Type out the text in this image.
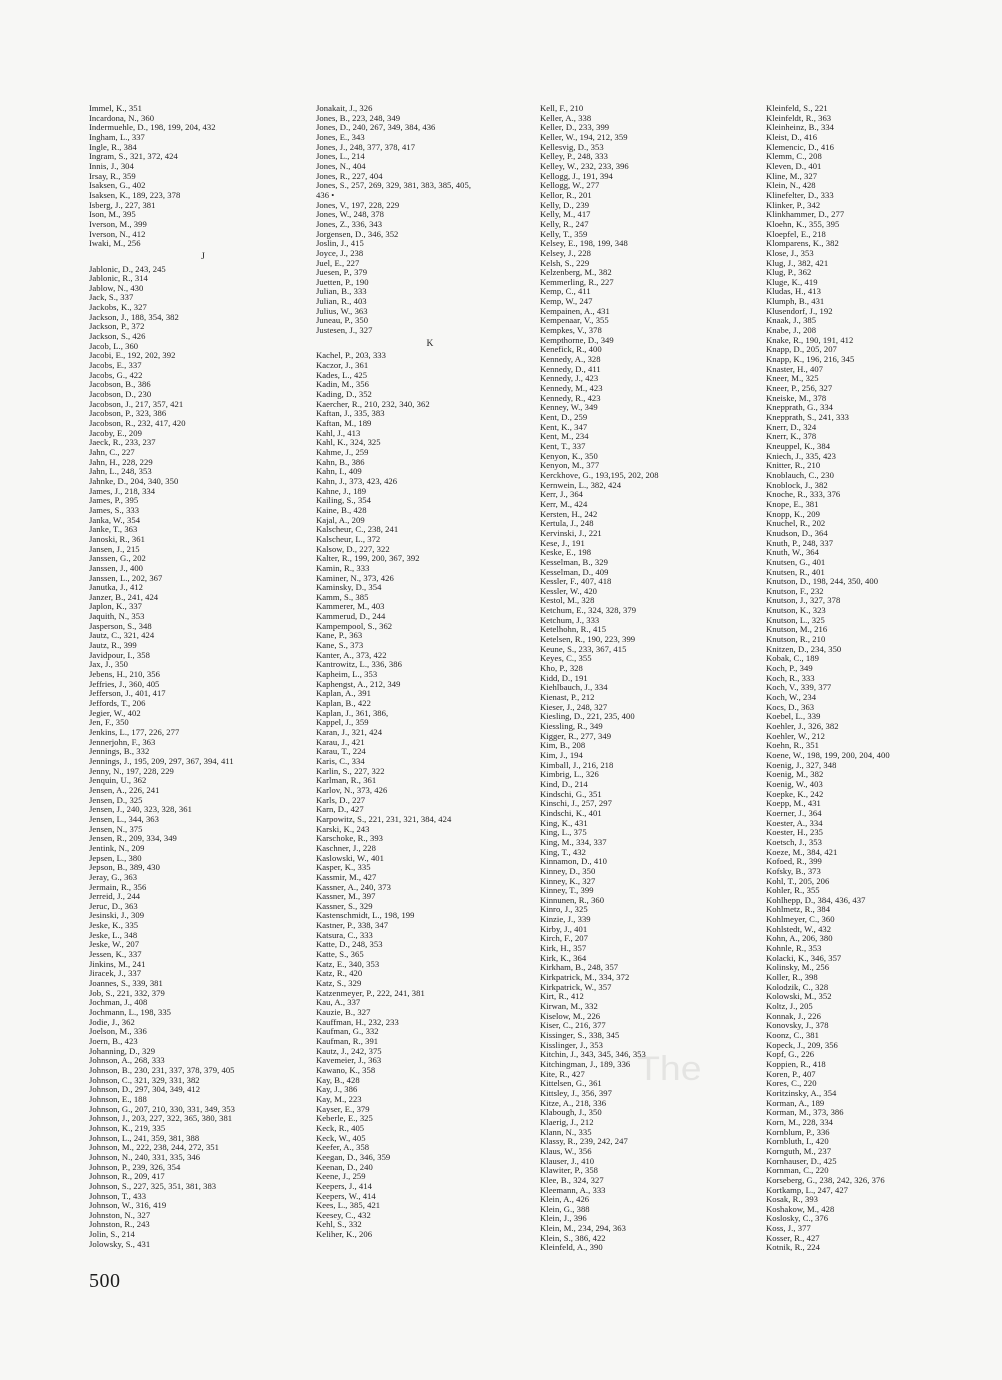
The
Immel, K., 351
Incardona, N., 360
Indermuehle, D., 198, 199, 204, 432
Ingham, L., 337
Ingle, R., 384
Ingram, S., 321, 372, 424
Innis, J., 304
Irsay, R., 359
Isaksen, G., 402
Isaksen, K., 189, 223, 378
Isberg, J., 227, 381
Ison, M., 395
Iverson, M., 399
Iverson, N., 412
Iwaki, M., 256
J
Jablonic, D., 243, 245
Jablonic, R., 314
Jablow, N., 430
Jack, S., 337
Jackobs, K., 327
Jackson, J., 188, 354, 382
Jackson, P., 372
Jackson, S., 426
Jacob, L., 360
Jacobi, E., 192, 202, 392
Jacobs, E., 337
Jacobs, G., 422
Jacobson, B., 386
Jacobson, D., 230
Jacobson, J., 217, 357, 421
Jacobson, P., 323, 386
Jacobson, R., 232, 417, 420
Jacoby, E., 209
Jaeck, R., 233, 237
Jahn, C., 227
Jahn, H., 228, 229
Jahn, L., 248, 353
Jahnke, D., 204, 340, 350
James, J., 218, 334
James, P., 395
James, S., 333
Janka, W., 354
Janke, T., 363
Janoski, R., 361
Jansen, J., 215
Janssen, G., 202
Janssen, J., 400
Janssen, L., 202, 367
Janutka, J., 412
Janzer, B., 241, 424
Japlon, K., 337
Jaquith, N., 353
Jasperson, S., 348
Jautz, C., 321, 424
Jautz, R., 399
Javidpour, I., 358
Jax, J., 350
Jebens, H., 210, 356
Jeffries, J., 360, 405
Jefferson, J., 401, 417
Jeffords, T., 206
Jegier, W., 402
Jen, F., 350
Jenkins, L., 177, 226, 277
Jennerjohn, F., 363
Jennings, B., 332
Jennings, J., 195, 209, 297, 367, 394, 411
Jenny, N., 197, 228, 229
Jenquin, U., 362
Jensen, A., 226, 241
Jensen, D., 325
Jensen, J., 240, 323, 328, 361
Jensen, L., 344, 363
Jensen, N., 375
Jensen, R., 209, 334, 349
Jentink, N., 209
Jepsen, L., 380
Jepson, B., 389, 430
Jeray, G., 363
Jermain, R., 356
Jerreid, J., 244
Jeruc, D., 363
Jesinski, J., 309
Jeske, K., 335
Jeske, L., 348
Jeske, W., 207
Jessen, K., 337
Jinkins, M., 241
Jiracek, J., 337
Joannes, S., 339, 381
Job, S., 221, 332, 379
Jochman, J., 408
Jochmann, L., 198, 335
Jodie, J., 362
Joelson, M., 336
Joern, B., 423
Johanning, D., 329
Johnson, A., 268, 333
Johnson, B., 230, 231, 337, 378, 379, 405
Johnson, C., 321, 329, 331, 382
Johnson, D., 297, 304, 349, 412
Johnson, E., 188
Johnson, G., 207, 210, 330, 331, 349, 353
Johnson, J., 203, 227, 322, 365, 380, 381
Johnson, K., 219, 335
Johnson, L., 241, 359, 381, 388
Johnson, M., 222, 238, 244, 272, 351
Johnson, N., 240, 331, 335, 346
Johnson, P., 239, 326, 354
Johnson, R., 209, 417
Johnson, S., 227, 325, 351, 381, 383
Johnson, T., 433
Johnson, W., 316, 419
Johnston, N., 327
Johnston, R., 243
Jolin, S., 214
Jolowsky, S., 431
Jonakait, J., 326
Jones, B., 223, 248, 349
Jones, D., 240, 267, 349, 384, 436
Jones, E., 343
Jones, J., 248, 377, 378, 417
Jones, L., 214
Jones, N., 404
Jones, R., 227, 404
Jones, S., 257, 269, 329, 381, 383, 385, 405,
436 •
Jones, V., 197, 228, 229
Jones, W., 248, 378
Jones, Z., 336, 343
Jorgensen, D., 346, 352
Joslin, J., 415
Joyce, J., 238
Juel, E., 227
Juesen, P., 379
Juetten, P., 190
Julian, B., 333
Julian, R., 403
Julius, W., 363
Juneau, P., 350
Justesen, J., 327
K
Kachel, P., 203, 333
Kaczor, J., 361
Kades, L., 425
Kadin, M., 356
Kading, D., 352
Kaercher, R., 210, 232, 340, 362
Kaftan, J., 335, 383
Kaftan, M., 189
Kahl, J., 413
Kahl, K., 324, 325
Kahme, J., 259
Kahn, B., 386
Kahn, I., 409
Kahn, J., 373, 423, 426
Kahne, J., 189
Kailing, S., 354
Kaine, B., 428
Kajal, A., 209
Kalscheur, C., 238, 241
Kalscheur, L., 372
Kalsow, D., 227, 322
Kalter, R., 199, 200, 367, 392
Kamin, R., 333
Kaminer, N., 373, 426
Kaminsky, D., 354
Kamm, S., 385
Kammerer, M., 403
Kammerud, D., 244
Kampempool, S., 362
Kane, P., 363
Kane, S., 373
Kanter, A., 373, 422
Kantrowitz, L., 336, 386
Kapheim, L., 353
Kaphengst, A., 212, 349
Kaplan, A., 391
Kaplan, B., 422
Kaplan, J., 361, 386,
Kappel, J., 359
Karan, J., 321, 424
Karau, J., 421
Karau, T., 224
Karis, C., 334
Karlin, S., 227, 322
Karlman, R., 361
Karlov, N., 373, 426
Karls, D., 227
Karn, D., 427
Karpowitz, S., 221, 231, 321, 384, 424
Karski, K., 243
Karschoke, R., 393
Kaschner, J., 228
Kaslowski, W., 401
Kasper, K., 335
Kassmir, M., 427
Kassner, A., 240, 373
Kassner, M., 397
Kassner, S., 329
Kastenschmidt, L., 198, 199
Kastner, P., 338, 347
Katsura, C., 333
Katte, D., 248, 353
Katte, S., 365
Katz, E., 340, 353
Katz, R., 420
Katz, S., 329
Katzenmeyer, P., 222, 241, 381
Kau, A., 337
Kauzie, B., 327
Kauffman, H., 232, 233
Kaufman, G., 332
Kaufman, R., 391
Kautz, J., 242, 375
Kavemeier, J., 363
Kawano, K., 358
Kay, B., 428
Kay, J., 386
Kay, M., 223
Kayser, E., 379
Keberle, E., 325
Keck, R., 405
Keck, W., 405
Keefer, A., 358
Keegan, D., 346, 359
Keenan, D., 240
Keene, J., 259
Keepers, J., 414
Keepers, W., 414
Kees, L., 385, 421
Keesey, C., 432
Kehl, S., 332
Keliher, K., 206
Kell, F., 210
Keller, A., 338
Keller, D., 233, 399
Keller, W., 194, 212, 359
Kellesvig, D., 353
Kelley, P., 248, 333
Kelley, W., 232, 233, 396
Kellogg, J., 191, 394
Kellogg, W., 277
Kellor, R., 201
Kelly, D., 239
Kelly, M., 417
Kelly, R., 247
Kelly, T., 359
Kelsey, E., 198, 199, 348
Kelsey, J., 228
Kelsh, S., 229
Kelzenberg, M., 382
Kemmerling, R., 227
Kemp, C., 411
Kemp, W., 247
Kempainen, A., 431
Kempenaar, V., 355
Kempkes, V., 378
Kempthorne, D., 349
Kenefick, R., 400
Kennedy, A., 328
Kennedy, D., 411
Kennedy, J., 423
Kennedy, M., 423
Kennedy, R., 423
Kenney, W., 349
Kent, D., 259
Kent, K., 347
Kent, M., 234
Kent, T., 337
Kenyon, K., 350
Kenyon, M., 377
Kerckhove, G., 193,195, 202, 208
Kernwein, L., 382, 424
Kerr, J., 364
Kerr, M., 424
Kersten, H., 242
Kertula, J., 248
Kervinski, J., 221
Kese, J., 191
Keske, E., 198
Kesselman, B., 329
Kesselman, D., 409
Kessler, F., 407, 418
Kessler, W., 420
Kestol, M., 328
Ketchum, E., 324, 328, 379
Ketchum, J., 333
Ketelhohn, R., 415
Ketelsen, R., 190, 223, 399
Keune, S., 233, 367, 415
Keyes, C., 355
Kho, P., 328
Kidd, D., 191
Kiehlbauch, J., 334
Kienast, P., 212
Kieser, J., 248, 327
Kiesling, D., 221, 235, 400
Kiessling, R., 349
Kigger, R., 277, 349
Kim, B., 208
Kim, J., 194
Kimball, J., 216, 218
Kimbrig, L., 326
Kind, D., 214
Kindschi, G., 351
Kinschi, J., 257, 297
Kindschi, K., 401
King, K., 431
King, L., 375
King, M., 334, 337
King, T., 432
Kinnamon, D., 410
Kinney, D., 350
Kinney, K., 327
Kinney, T., 399
Kinnunen, R., 360
Kinro, J., 325
Kinzie, J., 339
Kirby, J., 401
Kirch, F., 207
Kirk, H., 357
Kirk, K., 364
Kirkham, B., 248, 357
Kirkpatrick, M., 334, 372
Kirkpatrick, W., 357
Kirt, R., 412
Kirwan, M., 332
Kiselow, M., 226
Kiser, C., 216, 377
Kissinger, S., 338, 345
Kisslinger, J., 353
Kitchin, J., 343, 345, 346, 353
Kitchingman, J., 189, 336
Kite, R., 427
Kittelsen, G., 361
Kittsley, J., 356, 397
Kitze, A., 218, 336
Klabough, J., 350
Klaerig, J., 212
Klann, N., 335
Klassy, R., 239, 242, 247
Klaus, W., 356
Klauser, J., 410
Klawiter, P., 358
Klee, B., 324, 327
Kleemann, A., 333
Klein, A., 426
Klein, G., 388
Klein, J., 396
Klein, M., 234, 294, 363
Klein, S., 386, 422
Kleinfeld, A., 390
Kleinfeld, S., 221
Kleinfeldt, R., 363
Kleinheinz, B., 334
Kleist, D., 416
Klemencic, D., 416
Klemm, C., 208
Kleven, D., 401
Kline, M., 327
Klein, N., 428
Klinefelter, D., 333
Klinker, P., 342
Klinkhammer, D., 277
Kloehn, K., 355, 395
Kloepfel, E., 218
Klomparens, K., 382
Klose, J., 353
Klug, J., 382, 421
Klug, P., 362
Kluge, K., 419
Kludas, H., 413
Klumph, B., 431
Klusendorf, J., 192
Knaak, J., 385
Knabe, J., 208
Knake, R., 190, 191, 412
Knapp, D., 205, 207
Knapp, K., 196, 216, 345
Knaster, H., 407
Kneer, M., 325
Kneer, P., 256, 327
Kneiske, M., 378
Knepprath, G., 334
Knepprath, S., 241, 333
Knerr, D., 324
Knerr, K., 378
Kneuppel, K., 384
Kniech, J., 335, 423
Knitter, R., 210
Knoblauch, C., 230
Knoblock, J., 382
Knoche, R., 333, 376
Knope, E., 381
Knopp, K., 209
Knuchel, R., 202
Knudson, D., 364
Knuth, P., 248, 337
Knuth, W., 364
Knutsen, G., 401
Knutsen, R., 401
Knutson, D., 198, 244, 350, 400
Knutson, F., 232
Knutson, J., 327, 378
Knutson, K., 323
Knutson, L., 325
Knutson, M., 216
Knutson, R., 210
Knitzen, D., 234, 350
Kobak, C., 189
Koch, P., 349
Koch, R., 333
Koch, V., 339, 377
Koch, W., 234
Kocs, D., 363
Koebel, L., 339
Koehler, J., 326, 382
Koehler, W., 212
Koehn, R., 351
Koene, W., 198, 199, 200, 204, 400
Koenig, J., 327, 348
Koenig, M., 382
Koenig, W., 403
Koepke, K., 242
Koepp, M., 431
Koerner, J., 364
Koester, A., 334
Koester, H., 235
Koetsch, J., 353
Koeze, M., 384, 421
Kofoed, R., 399
Kofsky, B., 373
Kohl, T., 205, 206
Kohler, R., 355
Kohlhepp, D., 384, 436, 437
Kohlmetz, R., 384
Kohlmeyer, C., 360
Kohlstedt, W., 432
Kohn, A., 206, 380
Kohnle, R., 353
Kolacki, K., 346, 357
Kolinsky, M., 256
Koller, R., 398
Kolodzik, C., 328
Kolowski, M., 352
Koltz, J., 205
Konnak, J., 226
Konovsky, J., 378
Koonz, C., 381
Kopeck, J., 209, 356
Kopf, G., 226
Koppien, R., 418
Koren, P., 407
Kores, C., 220
Koritzinsky, A., 354
Korman, A., 189
Korman, M., 373, 386
Korn, M., 228, 334
Kornblum, P., 336
Kornbluth, I., 420
Kornguth, M., 237
Kornhauser, D., 425
Kornman, C., 220
Korseberg, G., 238, 242, 326, 376
Kortkamp, L., 247, 427
Kosak, R., 393
Koshakow, M., 428
Koslosky, C., 376
Koss, J., 377
Kosser, R., 427
Kotnik, R., 224
500
